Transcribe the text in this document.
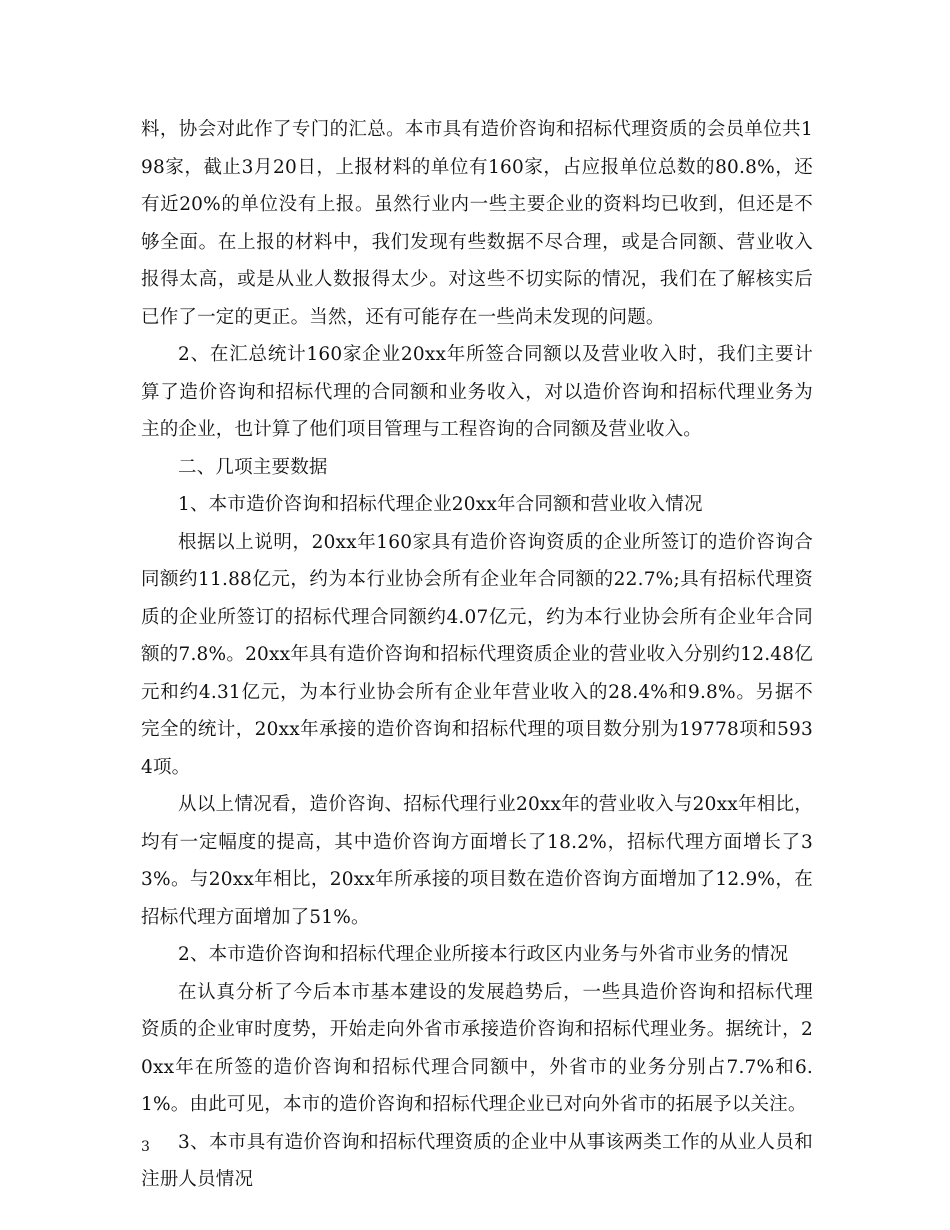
料，协会对此作了专门的汇总。本市具有造价咨询和招标代理资质的会员单位共198家，截止3月20日，上报材料的单位有160家，占应报单位总数的80.8%，还有近20%的单位没有上报。虽然行业内一些主要企业的资料均已收到，但还是不够全面。在上报的材料中，我们发现有些数据不尽合理，或是合同额、营业收入报得太高，或是从业人数报得太少。对这些不切实际的情况，我们在了解核实后已作了一定的更正。当然，还有可能存在一些尚未发现的问题。

2、在汇总统计160家企业20xx年所签合同额以及营业收入时，我们主要计算了造价咨询和招标代理的合同额和业务收入，对以造价咨询和招标代理业务为主的企业，也计算了他们项目管理与工程咨询的合同额及营业收入。

二、几项主要数据

1、本市造价咨询和招标代理企业20xx年合同额和营业收入情况

根据以上说明，20xx年160家具有造价咨询资质的企业所签订的造价咨询合同额约11.88亿元，约为本行业协会所有企业年合同额的22.7%;具有招标代理资质的企业所签订的招标代理合同额约4.07亿元，约为本行业协会所有企业年合同额的7.8%。20xx年具有造价咨询和招标代理资质企业的营业收入分别约12.48亿元和约4.31亿元，为本行业协会所有企业年营业收入的28.4%和9.8%。另据不完全的统计，20xx年承接的造价咨询和招标代理的项目数分别为19778项和5934项。

从以上情况看，造价咨询、招标代理行业20xx年的营业收入与20xx年相比，均有一定幅度的提高，其中造价咨询方面增长了18.2%，招标代理方面增长了33%。与20xx年相比，20xx年所承接的项目数在造价咨询方面增加了12.9%，在招标代理方面增加了51%。

2、本市造价咨询和招标代理企业所接本行政区内业务与外省市业务的情况

在认真分析了今后本市基本建设的发展趋势后，一些具造价咨询和招标代理资质的企业审时度势，开始走向外省市承接造价咨询和招标代理业务。据统计，20xx年在所签的造价咨询和招标代理合同额中，外省市的业务分别占7.7%和6.1%。由此可见，本市的造价咨询和招标代理企业已对向外省市的拓展予以关注。

3、本市具有造价咨询和招标代理资质的企业中从事该两类工作的从业人员和注册人员情况

3
